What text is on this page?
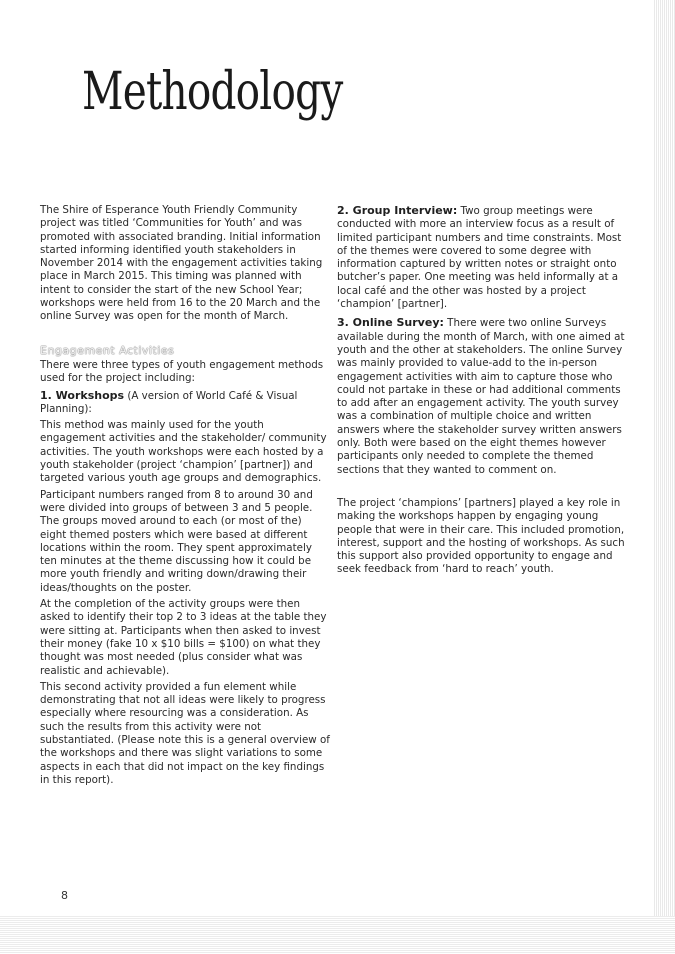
Methodology

The Shire of Esperance Youth Friendly Community project was titled ‘Communities for Youth’ and was promoted with associated branding. Initial information started informing identified youth stakeholders in November 2014 with the engagement activities taking place in March 2015. This timing was planned with intent to consider the start of the new School Year; workshops were held from 16 to the 20 March and the online Survey was open for the month of March.

Engagement Activities

There were three types of youth engagement methods used for the project including:

1. Workshops (A version of World Café & Visual Planning):

This method was mainly used for the youth engagement activities and the stakeholder/ community activities. The youth workshops were each hosted by a youth stakeholder (project ‘champion’ [partner]) and targeted various youth age groups and demographics.

Participant numbers ranged from 8 to around 30 and were divided into groups of between 3 and 5 people. The groups moved around to each (or most of the) eight themed posters which were based at different locations within the room. They spent approximately ten minutes at the theme discussing how it could be more youth friendly and writing down/drawing their ideas/thoughts on the poster.

At the completion of the activity groups were then asked to identify their top 2 to 3 ideas at the table they were sitting at. Participants when then asked to invest their money (fake 10 x $10 bills = $100) on what they thought was most needed (plus consider what was realistic and achievable).

This second activity provided a fun element while demonstrating that not all ideas were likely to progress especially where resourcing was a consideration. As such the results from this activity were not substantiated. (Please note this is a general overview of the workshops and there was slight variations to some aspects in each that did not impact on the key findings in this report).

2. Group Interview: Two group meetings were conducted with more an interview focus as a result of limited participant numbers and time constraints. Most of the themes were covered to some degree with information captured by written notes or straight onto butcher’s paper. One meeting was held informally at a local café and the other was hosted by a project ‘champion’ [partner].

3. Online Survey: There were two online Surveys available during the month of March, with one aimed at youth and the other at stakeholders. The online Survey was mainly provided to value-add to the in-person engagement activities with aim to capture those who could not partake in these or had additional comments to add after an engagement activity. The youth survey was a combination of multiple choice and written answers where the stakeholder survey written answers only. Both were based on the eight themes however participants only needed to complete the themed sections that they wanted to comment on.

The project ‘champions’ [partners] played a key role in making the workshops happen by engaging young people that were in their care. This included promotion, interest, support and the hosting of workshops. As such this support also provided opportunity to engage and seek feedback from ‘hard to reach’ youth.

8
